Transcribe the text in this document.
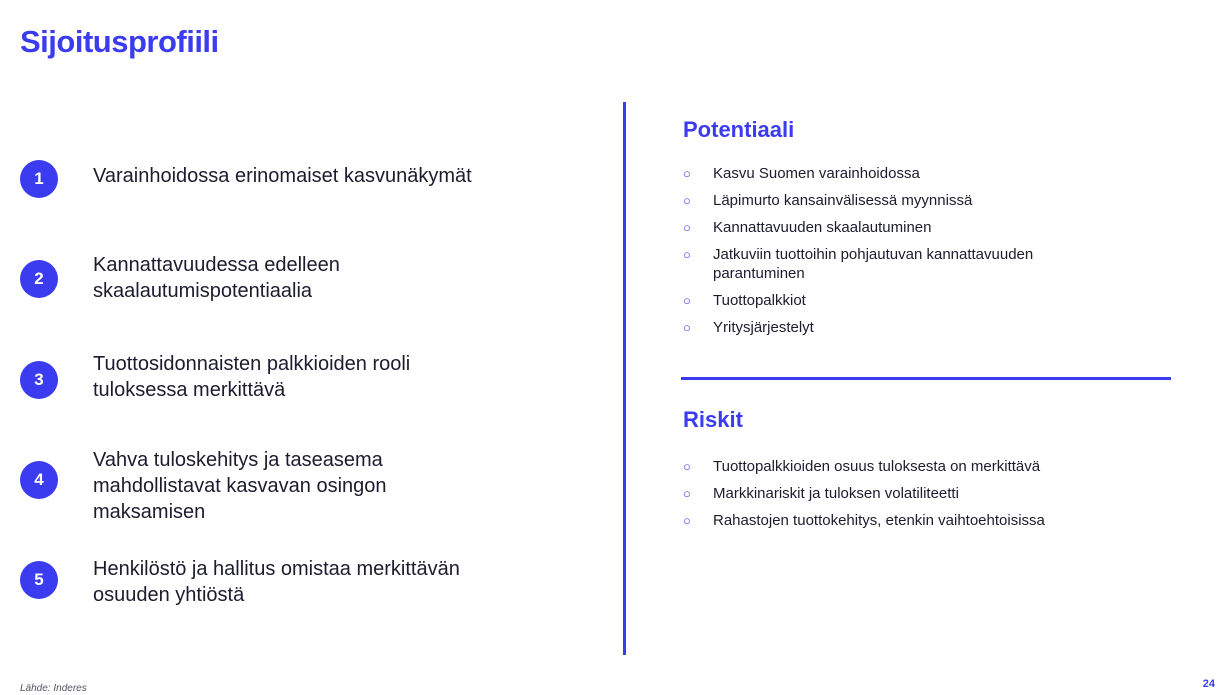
Sijoitusprofiili
1	Varainhoidossa erinomaiset kasvunäkymät
2
Kannattavuudessa edelleen skaalautumispotentiaalia
3
Tuottosidonnaisten palkkioiden rooli tuloksessa merkittävä
4
Vahva tuloskehitys ja taseasema mahdollistavat kasvavan osingon maksamisen
5	Henkilöstö ja hallitus omistaa merkittävän osuuden yhtiöstä
Potentiaali
○	Kasvu Suomen varainhoidossa
○	Läpimurto kansainvälisessä myynnissä
○	Kannattavuuden skaalautuminen
○	Jatkuviin tuottoihin pohjautuvan kannattavuuden parantuminen
○	Tuottopalkkiot
○	Yritysjärjestelyt
Riskit
○	Tuottopalkkioiden osuus tuloksesta on merkittävä
○	Markkinariskit ja tuloksen volatiliteetti
○	Rahastojen tuottokehitys, etenkin vaihtoehtoisissa
Lähde: Inderes	24
